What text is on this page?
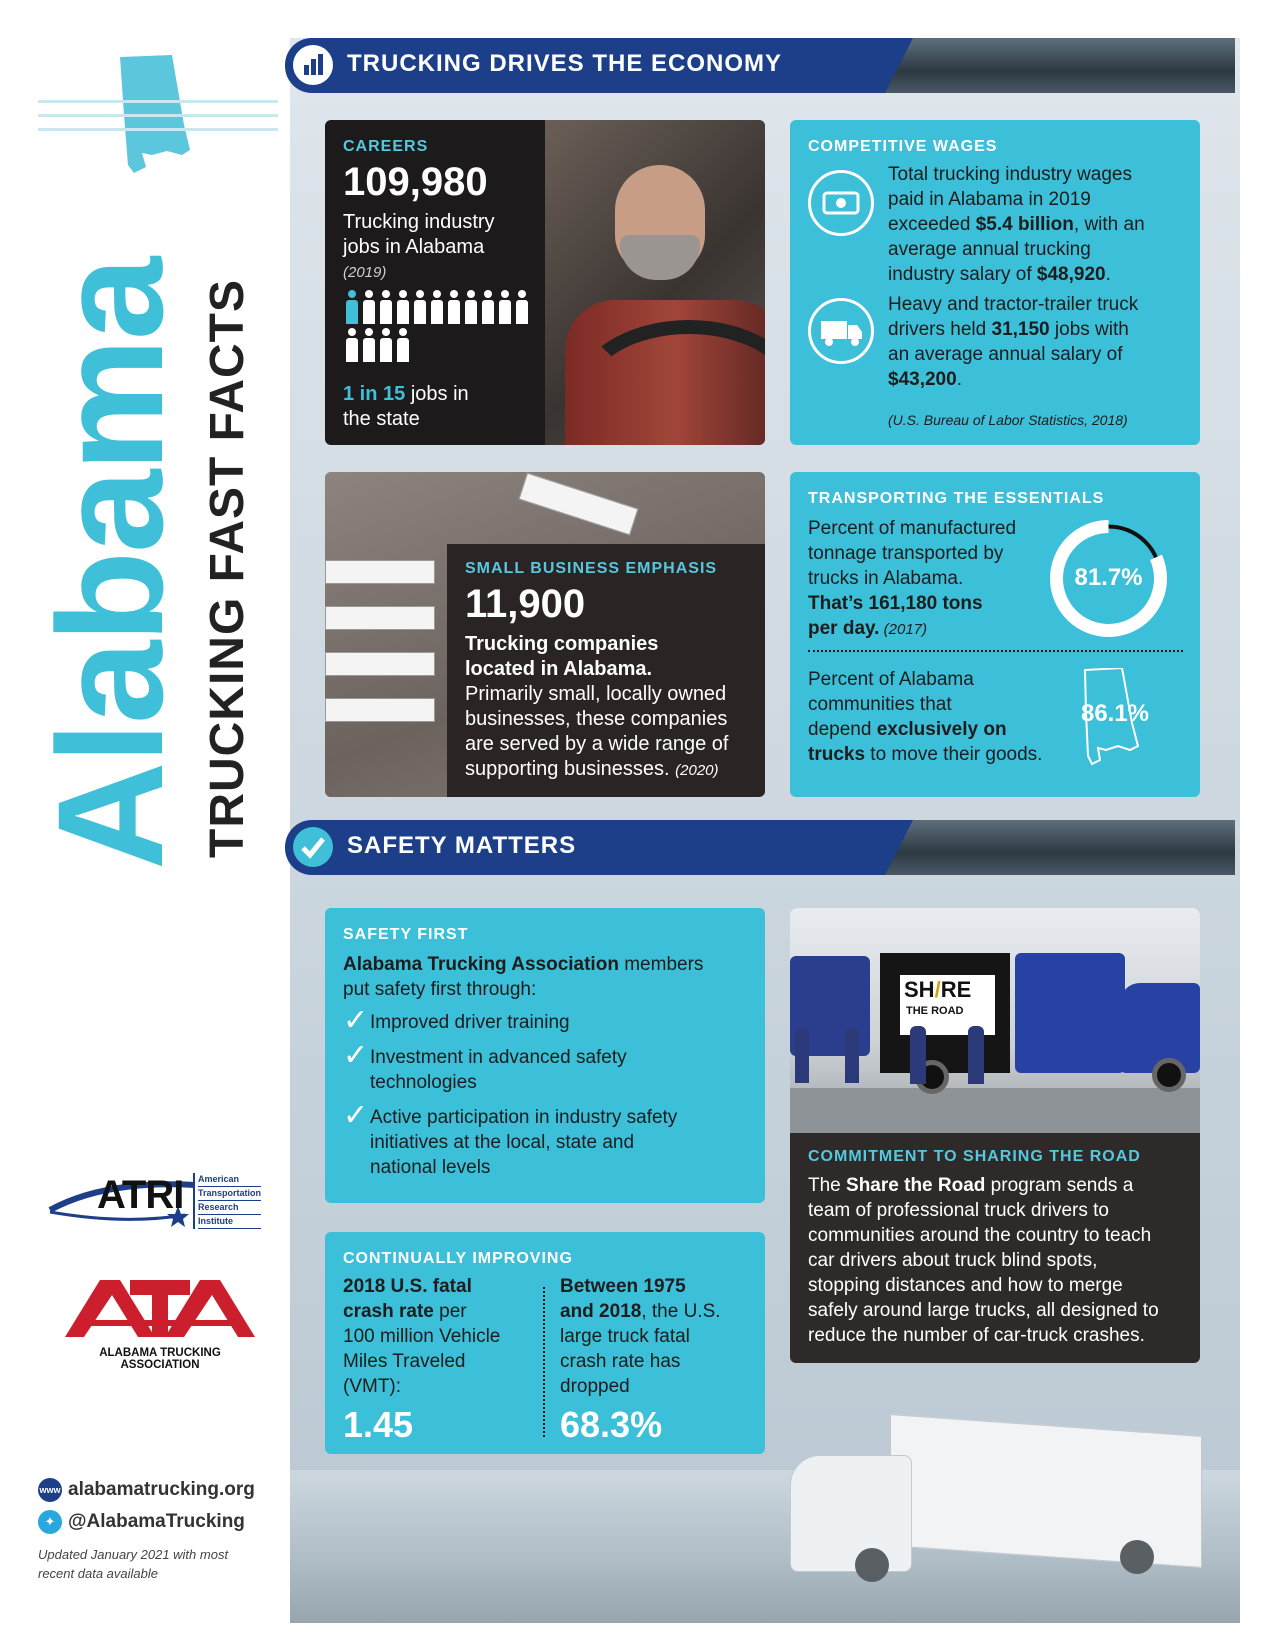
Alabama TRUCKING FAST FACTS
ATRI American
Transportation
Research
Institute
ALABAMA TRUCKING ASSOCIATION
www alabamatrucking.org
✦ @AlabamaTrucking
Updated January 2021 with most
recent data available
TRUCKING DRIVES THE ECONOMY
CAREERS
109,980
Trucking industry
jobs in Alabama
(2019)
1 in 15 jobs in
the state
COMPETITIVE WAGES
Total trucking industry wages
paid in Alabama in 2019
exceeded $5.4 billion, with an
average annual trucking
industry salary of $48,920.
Heavy and tractor-trailer truck
drivers held 31,150 jobs with
an average annual salary of
$43,200.
(U.S. Bureau of Labor Statistics, 2018)
SMALL BUSINESS EMPHASIS
11,900
Trucking companies
located in Alabama.
Primarily small, locally owned
businesses, these companies
are served by a wide range of
supporting businesses. (2020)
TRANSPORTING THE ESSENTIALS
Percent of manufactured
tonnage transported by
trucks in Alabama.
That’s 161,180 tons
per day. (2017)
81.7%
Percent of Alabama
communities that
depend exclusively on
trucks to move their goods.
86.1%
SAFETY MATTERS
SAFETY FIRST
Alabama Trucking Association members
put safety first through:
✓ Improved driver training
✓ Investment in advanced safety
technologies
✓ Active participation in industry safety
initiatives at the local, state and
national levels
SH/RE
THE ROAD
COMMITMENT TO SHARING THE ROAD
The Share the Road program sends a
team of professional truck drivers to
communities around the country to teach
car drivers about truck blind spots,
stopping distances and how to merge
safely around large trucks, all designed to
reduce the number of car-truck crashes.
CONTINUALLY IMPROVING
2018 U.S. fatal
crash rate per
100 million Vehicle
Miles Traveled
(VMT):
1.45
Between 1975
and 2018, the U.S.
large truck fatal
crash rate has
dropped
68.3%
